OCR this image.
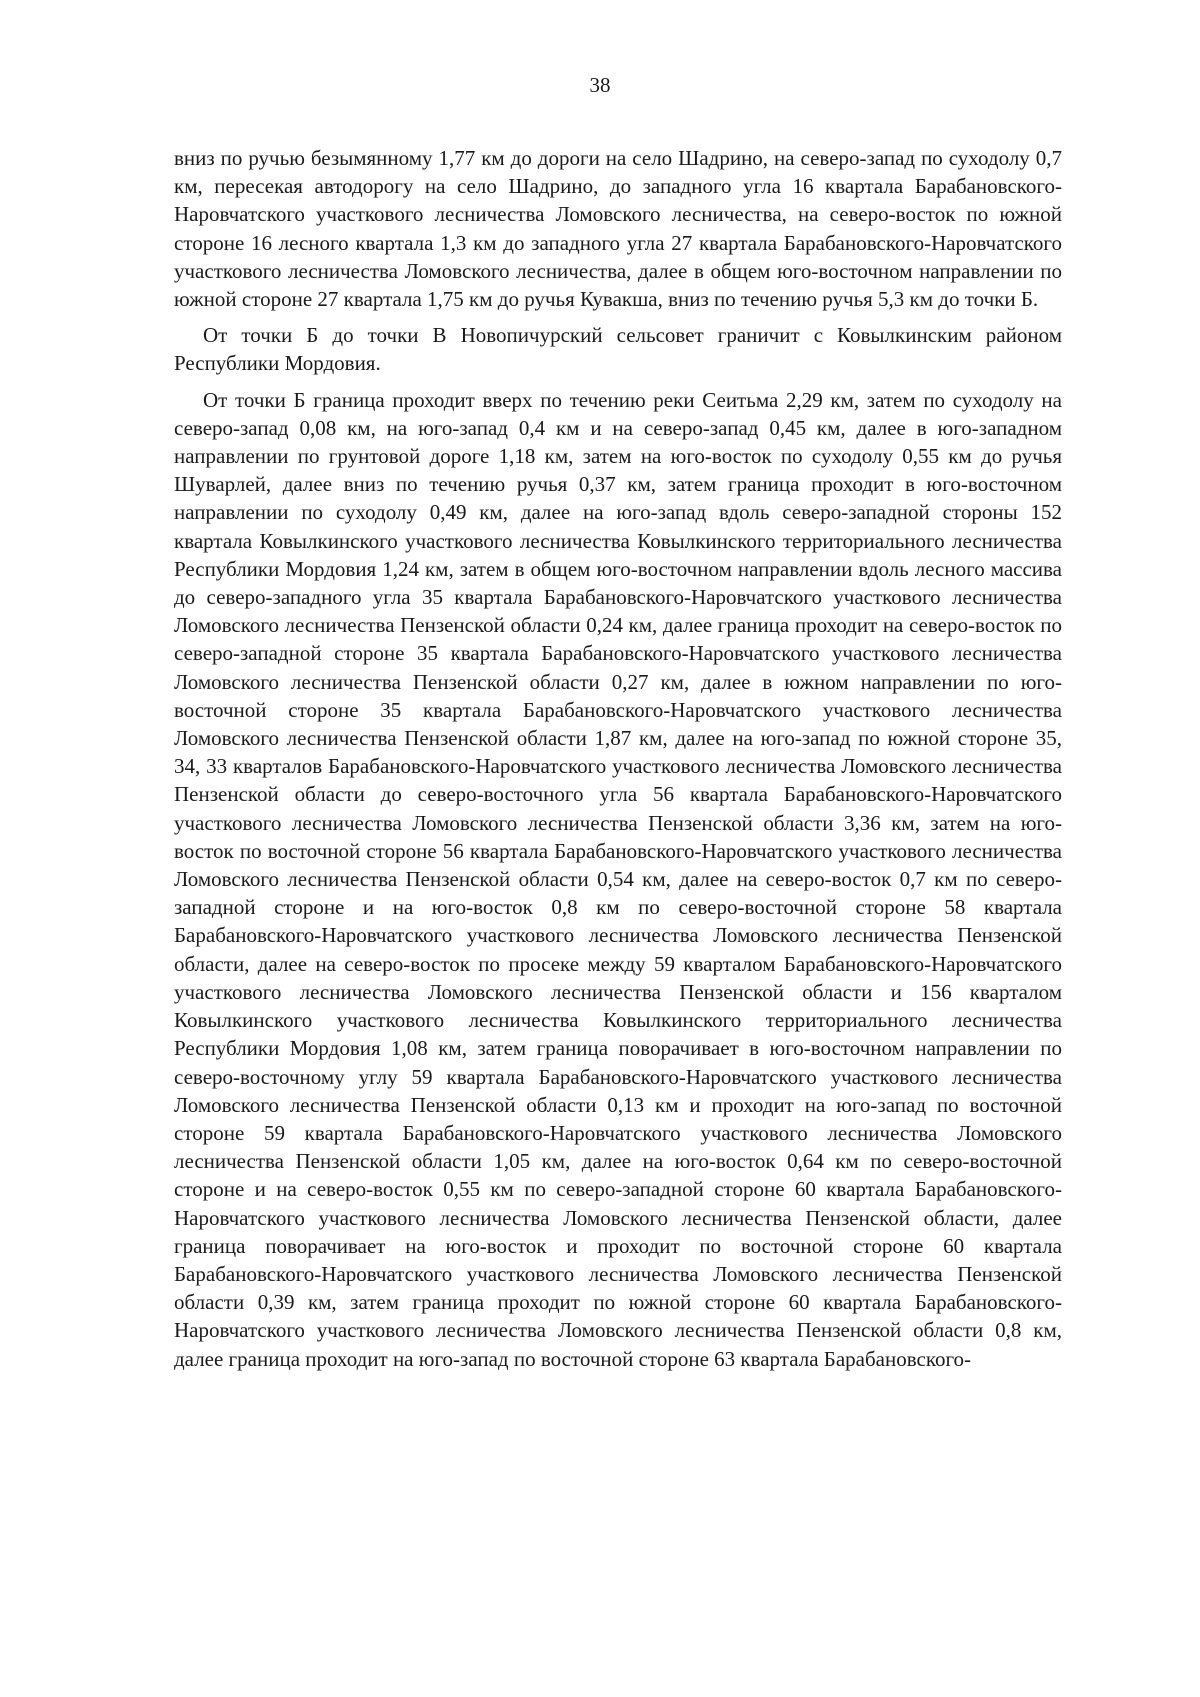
38

вниз по ручью безымянному 1,77 км до дороги на село Шадрино, на северо-запад по суходолу 0,7 км, пересекая автодорогу на село Шадрино, до западного угла 16 квартала Барабановского-Наровчатского участкового лесничества Ломовского лесничества, на северо-восток по южной стороне 16 лесного квартала 1,3 км до западного угла 27 квартала Барабановского-Наровчатского участкового лесничества Ломовского лесничества, далее в общем юго-восточном направлении по южной стороне 27 квартала 1,75 км до ручья Кувакша, вниз по течению ручья 5,3 км до точки Б.

От точки Б до точки В Новопичурский сельсовет граничит с Ковылкинским районом Республики Мордовия.

От точки Б граница проходит вверх по течению реки Сеитьма 2,29 км, затем по суходолу на северо-запад 0,08 км, на юго-запад 0,4 км и на северо-запад 0,45 км, далее в юго-западном направлении по грунтовой дороге 1,18 км, затем на юго-восток по суходолу 0,55 км до ручья Шуварлей, далее вниз по течению ручья 0,37 км, затем граница проходит в юго-восточном направлении по суходолу 0,49 км, далее на юго-запад вдоль северо-западной стороны 152 квартала Ковылкинского участкового лесничества Ковылкинского территориального лесничества Республики Мордовия 1,24 км, затем в общем юго-восточном направлении вдоль лесного массива до северо-западного угла 35 квартала Барабановского-Наровчатского участкового лесничества Ломовского лесничества Пензенской области 0,24 км, далее граница проходит на северо-восток по северо-западной стороне 35 квартала Барабановского-Наровчатского участкового лесничества Ломовского лесничества Пензенской области 0,27 км, далее в южном направлении по юго-восточной стороне 35 квартала Барабановского-Наровчатского участкового лесничества Ломовского лесничества Пензенской области 1,87 км, далее на юго-запад по южной стороне 35, 34, 33 кварталов Барабановского-Наровчатского участкового лесничества Ломовского лесничества Пензенской области до северо-восточного угла 56 квартала Барабановского-Наровчатского участкового лесничества Ломовского лесничества Пензенской области 3,36 км, затем на юго-восток по восточной стороне 56 квартала Барабановского-Наровчатского участкового лесничества Ломовского лесничества Пензенской области 0,54 км, далее на северо-восток 0,7 км по северо-западной стороне и на юго-восток 0,8 км по северо-восточной стороне 58 квартала Барабановского-Наровчатского участкового лесничества Ломовского лесничества Пензенской области, далее на северо-восток по просеке между 59 кварталом Барабановского-Наровчатского участкового лесничества Ломовского лесничества Пензенской области и 156 кварталом Ковылкинского участкового лесничества Ковылкинского территориального лесничества Республики Мордовия 1,08 км, затем граница поворачивает в юго-восточном направлении по северо-восточному углу 59 квартала Барабановского-Наровчатского участкового лесничества Ломовского лесничества Пензенской области 0,13 км и проходит на юго-запад по восточной стороне 59 квартала Барабановского-Наровчатского участкового лесничества Ломовского лесничества Пензенской области 1,05 км, далее на юго-восток 0,64 км по северо-восточной стороне и на северо-восток 0,55 км по северо-западной стороне 60 квартала Барабановского-Наровчатского участкового лесничества Ломовского лесничества Пензенской области, далее граница поворачивает на юго-восток и проходит по восточной стороне 60 квартала Барабановского-Наровчатского участкового лесничества Ломовского лесничества Пензенской области 0,39 км, затем граница проходит по южной стороне 60 квартала Барабановского-Наровчатского участкового лесничества Ломовского лесничества Пензенской области 0,8 км, далее граница проходит на юго-запад по восточной стороне 63 квартала Барабановского-
